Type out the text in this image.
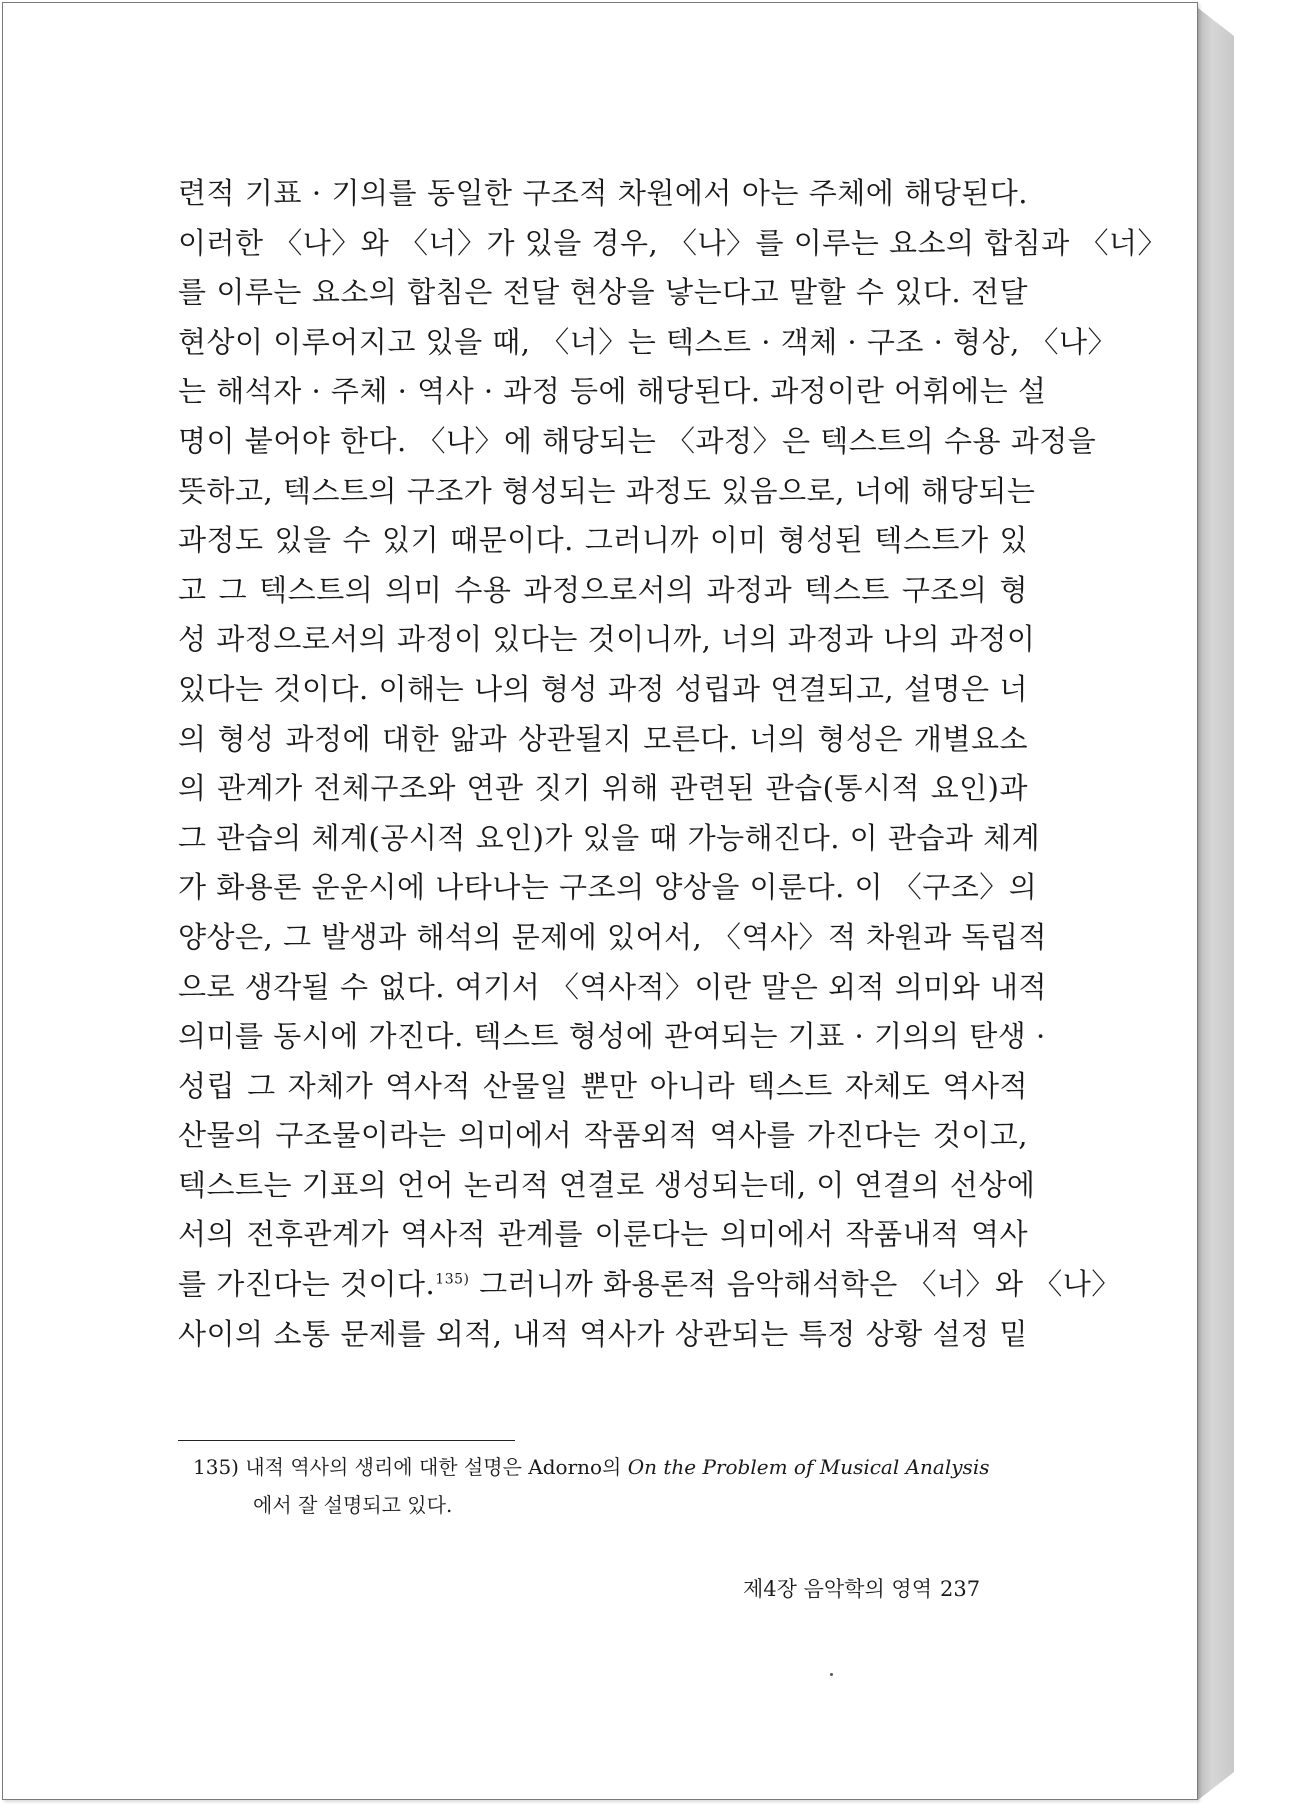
련적 기표 · 기의를 동일한 구조적 차원에서 아는 주체에 해당된다.
이러한 〈나〉와 〈너〉가 있을 경우, 〈나〉를 이루는 요소의 합침과 〈너〉
를 이루는 요소의 합침은 전달 현상을 낳는다고 말할 수 있다. 전달
현상이 이루어지고 있을 때, 〈너〉는 텍스트 · 객체 · 구조 · 형상, 〈나〉
는 해석자 · 주체 · 역사 · 과정 등에 해당된다. 과정이란 어휘에는 설
명이 붙어야 한다. 〈나〉에 해당되는 〈과정〉은 텍스트의 수용 과정을
뜻하고, 텍스트의 구조가 형성되는 과정도 있음으로, 너에 해당되는
과정도 있을 수 있기 때문이다. 그러니까 이미 형성된 텍스트가 있
고 그 텍스트의 의미 수용 과정으로서의 과정과 텍스트 구조의 형
성 과정으로서의 과정이 있다는 것이니까, 너의 과정과 나의 과정이
있다는 것이다. 이해는 나의 형성 과정 성립과 연결되고, 설명은 너
의 형성 과정에 대한 앎과 상관될지 모른다. 너의 형성은 개별요소
의 관계가 전체구조와 연관 짓기 위해 관련된 관습(통시적 요인)과
그 관습의 체계(공시적 요인)가 있을 때 가능해진다. 이 관습과 체계
가 화용론 운운시에 나타나는 구조의 양상을 이룬다. 이 〈구조〉의
양상은, 그 발생과 해석의 문제에 있어서, 〈역사〉적 차원과 독립적
으로 생각될 수 없다. 여기서 〈역사적〉이란 말은 외적 의미와 내적
의미를 동시에 가진다. 텍스트 형성에 관여되는 기표 · 기의의 탄생 ·
성립 그 자체가 역사적 산물일 뿐만 아니라 텍스트 자체도 역사적
산물의 구조물이라는 의미에서 작품외적 역사를 가진다는 것이고,
텍스트는 기표의 언어 논리적 연결로 생성되는데, 이 연결의 선상에
서의 전후관계가 역사적 관계를 이룬다는 의미에서 작품내적 역사
를 가진다는 것이다.$^{135)}$ 그러니까 화용론적 음악해석학은 〈너〉와 〈나〉
사이의 소통 문제를 외적, 내적 역사가 상관되는 특정 상황 설정 밑
135) 내적 역사의 생리에 대한 설명은 Adorno의 On the Problem of Musical Analysis
에서 잘 설명되고 있다.
제4장 음악학의 영역 237
